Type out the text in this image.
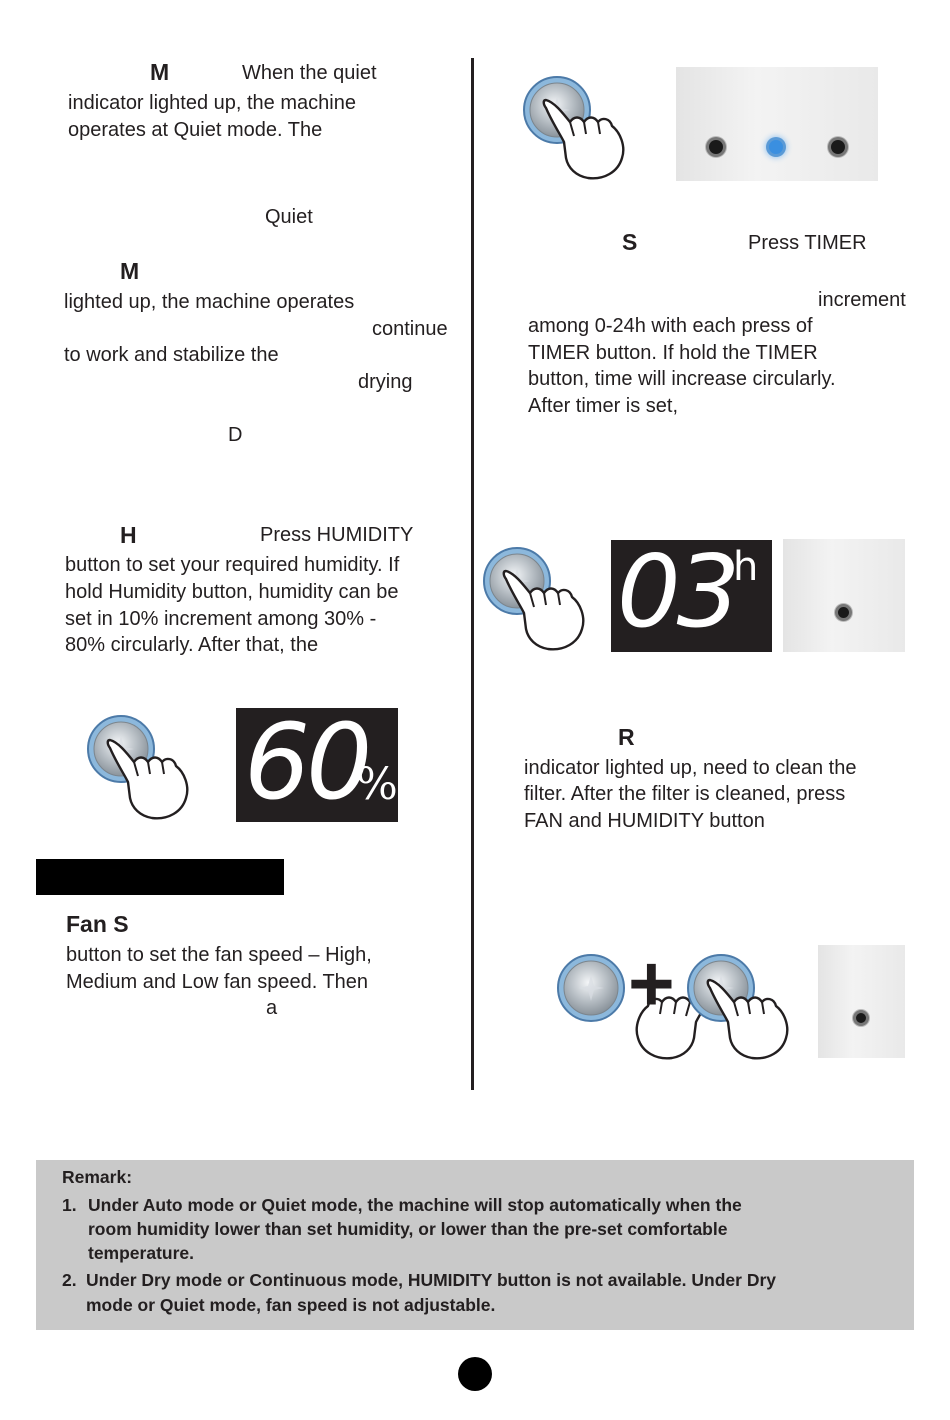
M	When the quiet
indicator lighted up, the machine
operates at Quiet mode. The
Quiet
M
lighted up, the machine operates
continue
to work and stabilize the
drying
D
H	Press HUMIDITY
button to set your required humidity. If
hold Humidity button, humidity can be
set in 10% increment among 30% -
80% circularly. After that, the
60
%
Fan S
button to set the fan speed – High,
Medium and Low fan speed. Then
a
S	Press TIMER
increment
among 0-24h with each press of
TIMER button. If hold the TIMER
button, time will increase circularly.
After timer is set,
03
h
R
indicator lighted up, need to clean the
filter. After the filter is cleaned, press
FAN and HUMIDITY button
+
Remark:
1. Under Auto mode or Quiet mode, the machine will stop automatically when the
room humidity lower than set humidity, or lower than the pre-set comfortable
temperature.
2. Under Dry mode or Continuous mode, HUMIDITY button is not available. Under Dry
mode or Quiet mode, fan speed is not adjustable.
